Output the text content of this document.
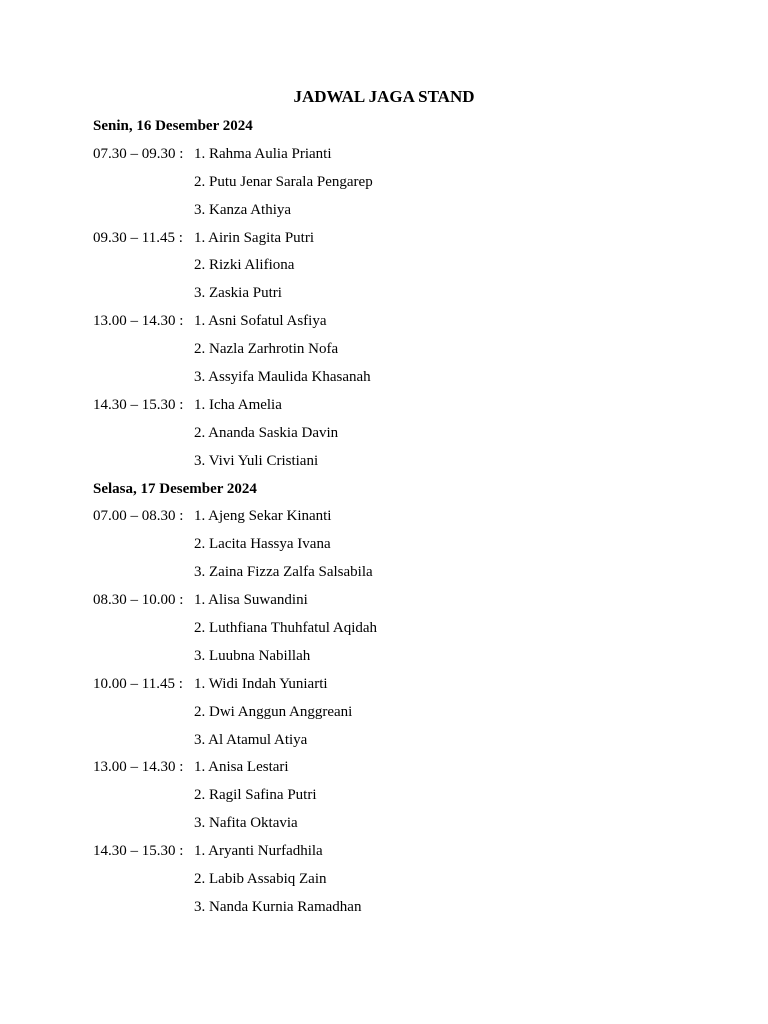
JADWAL JAGA STAND
Senin, 16 Desember 2024
07.30 – 09.30 : 1. Rahma Aulia Prianti
2. Putu Jenar Sarala Pengarep
3. Kanza Athiya
09.30 – 11.45 : 1. Airin Sagita Putri
2. Rizki Alifiona
3. Zaskia Putri
13.00 – 14.30 : 1. Asni Sofatul Asfiya
2. Nazla Zarhrotin Nofa
3. Assyifa Maulida Khasanah
14.30 – 15.30 : 1. Icha Amelia
2. Ananda Saskia Davin
3. Vivi Yuli Cristiani
Selasa, 17 Desember 2024
07.00 – 08.30 : 1. Ajeng Sekar Kinanti
2. Lacita Hassya Ivana
3. Zaina Fizza Zalfa Salsabila
08.30 – 10.00 : 1. Alisa Suwandini
2. Luthfiana Thuhfatul Aqidah
3. Luubna Nabillah
10.00 – 11.45 : 1. Widi Indah Yuniarti
2. Dwi Anggun Anggreani
3. Al Atamul Atiya
13.00 – 14.30 : 1. Anisa Lestari
2. Ragil Safina Putri
3. Nafita Oktavia
14.30 – 15.30 : 1. Aryanti Nurfadhila
2. Labib Assabiq Zain
3. Nanda Kurnia Ramadhan
